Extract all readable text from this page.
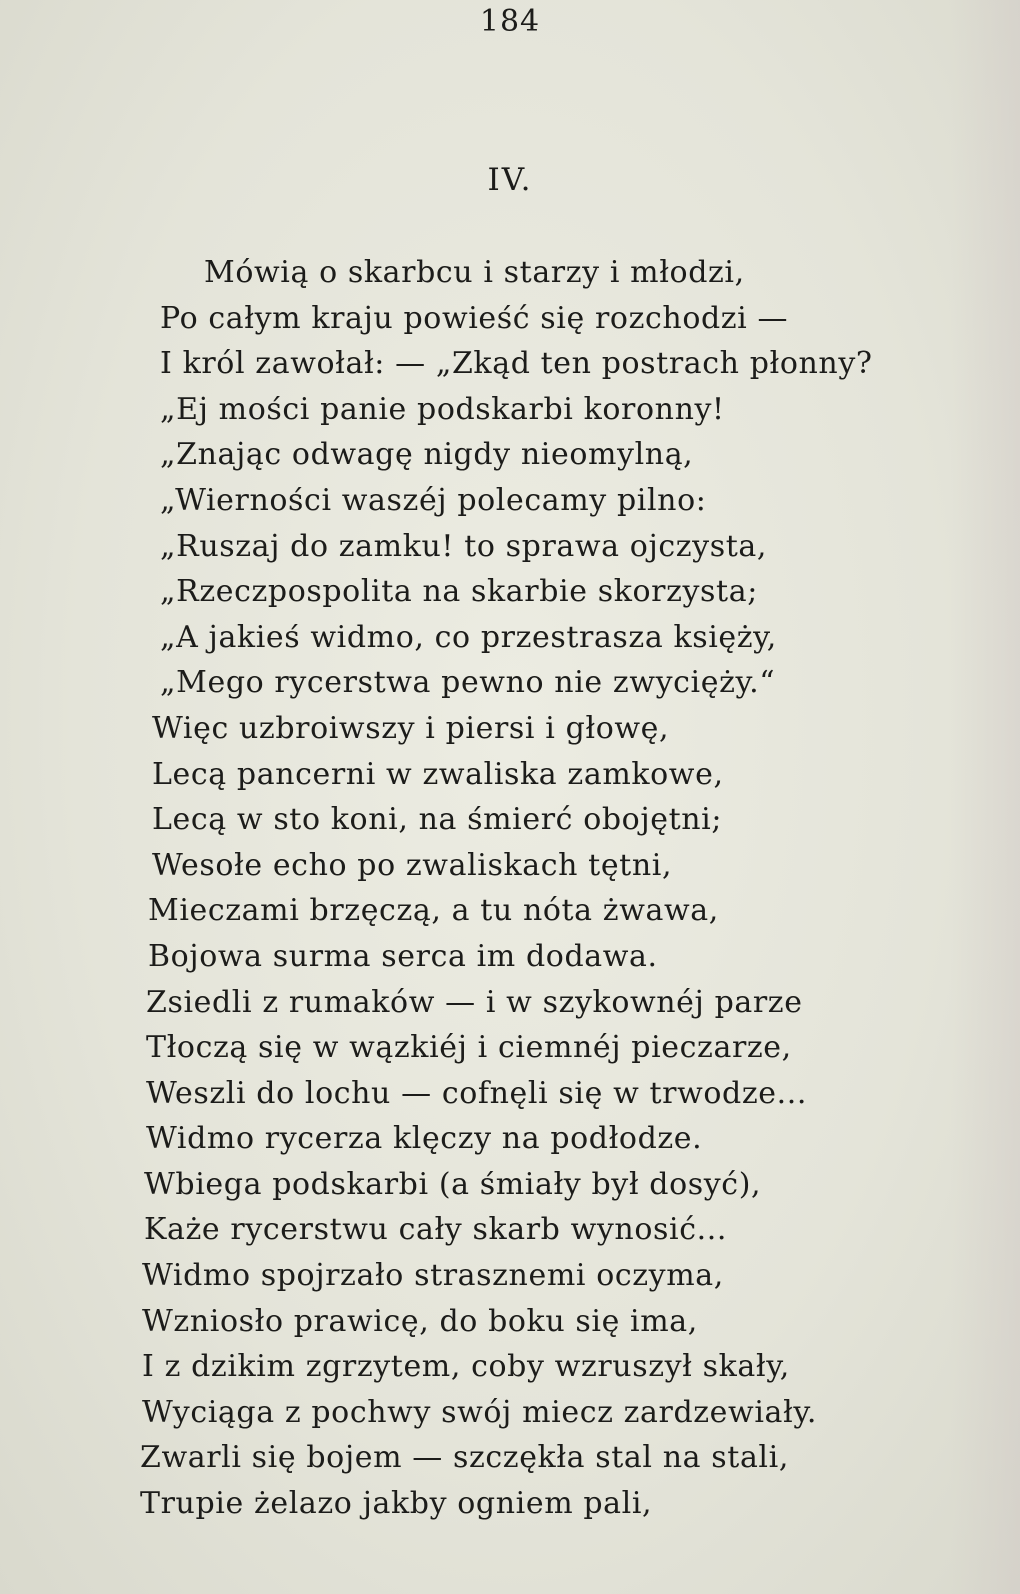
184
IV.
Mówią o skarbcu i starzy i młodzi,
Po całym kraju powieść się rozchodzi —
I król zawołał: — „Zkąd ten postrach płonny?
„Ej mości panie podskarbi koronny!
„Znając odwagę nigdy nieomylną,
„Wierności waszéj polecamy pilno:
„Ruszaj do zamku! to sprawa ojczysta,
„Rzeczpospolita na skarbie skorzysta;
„A jakieś widmo, co przestrasza księży,
„Mego rycerstwa pewno nie zwycięży.“
Więc uzbroiwszy i piersi i głowę,
Lecą pancerni w zwaliska zamkowe,
Lecą w sto koni, na śmierć obojętni;
Wesołe echo po zwaliskach tętni,
Mieczami brzęczą, a tu nóta żwawa,
Bojowa surma serca im dodawa.
Zsiedli z rumaków — i w szykownéj parze
Tłoczą się w wązkiéj i ciemnéj pieczarze,
Weszli do lochu — cofnęli się w trwodze...
Widmo rycerza klęczy na podłodze.
Wbiega podskarbi (a śmiały był dosyć),
Każe rycerstwu cały skarb wynosić...
Widmo spojrzało strasznemi oczyma,
Wzniosło prawicę, do boku się ima,
I z dzikim zgrzytem, coby wzruszył skały,
Wyciąga z pochwy swój miecz zardzewiały.
Zwarli się bojem — szczękła stal na stali,
Trupie żelazo jakby ogniem pali,
